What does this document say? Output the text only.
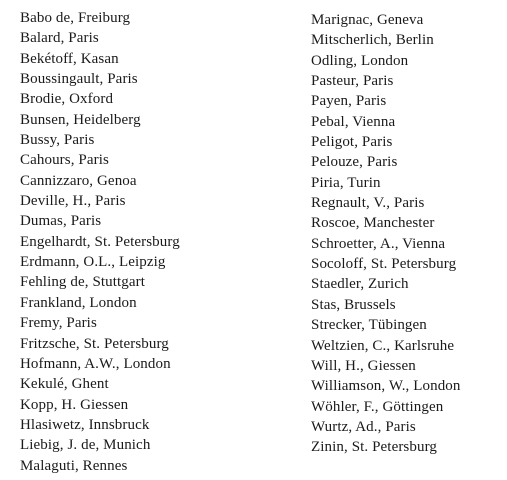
Babo de, Freiburg
Balard, Paris
Bekétoff, Kasan
Boussingault, Paris
Brodie, Oxford
Bunsen, Heidelberg
Bussy, Paris
Cahours, Paris
Cannizzaro, Genoa
Deville, H., Paris
Dumas, Paris
Engelhardt, St. Petersburg
Erdmann, O.L., Leipzig
Fehling de, Stuttgart
Frankland, London
Fremy, Paris
Fritzsche, St. Petersburg
Hofmann, A.W., London
Kekulé, Ghent
Kopp, H. Giessen
Hlasiwetz, Innsbruck
Liebig, J. de, Munich
Malaguti, Rennes
Marignac, Geneva
Mitscherlich, Berlin
Odling, London
Pasteur, Paris
Payen, Paris
Pebal, Vienna
Peligot, Paris
Pelouze, Paris
Piria, Turin
Regnault, V., Paris
Roscoe, Manchester
Schroetter, A., Vienna
Socoloff, St. Petersburg
Staedler, Zurich
Stas, Brussels
Strecker, Tübingen
Weltzien, C., Karlsruhe
Will, H., Giessen
Williamson, W., London
Wöhler, F., Göttingen
Wurtz, Ad., Paris
Zinin, St. Petersburg
